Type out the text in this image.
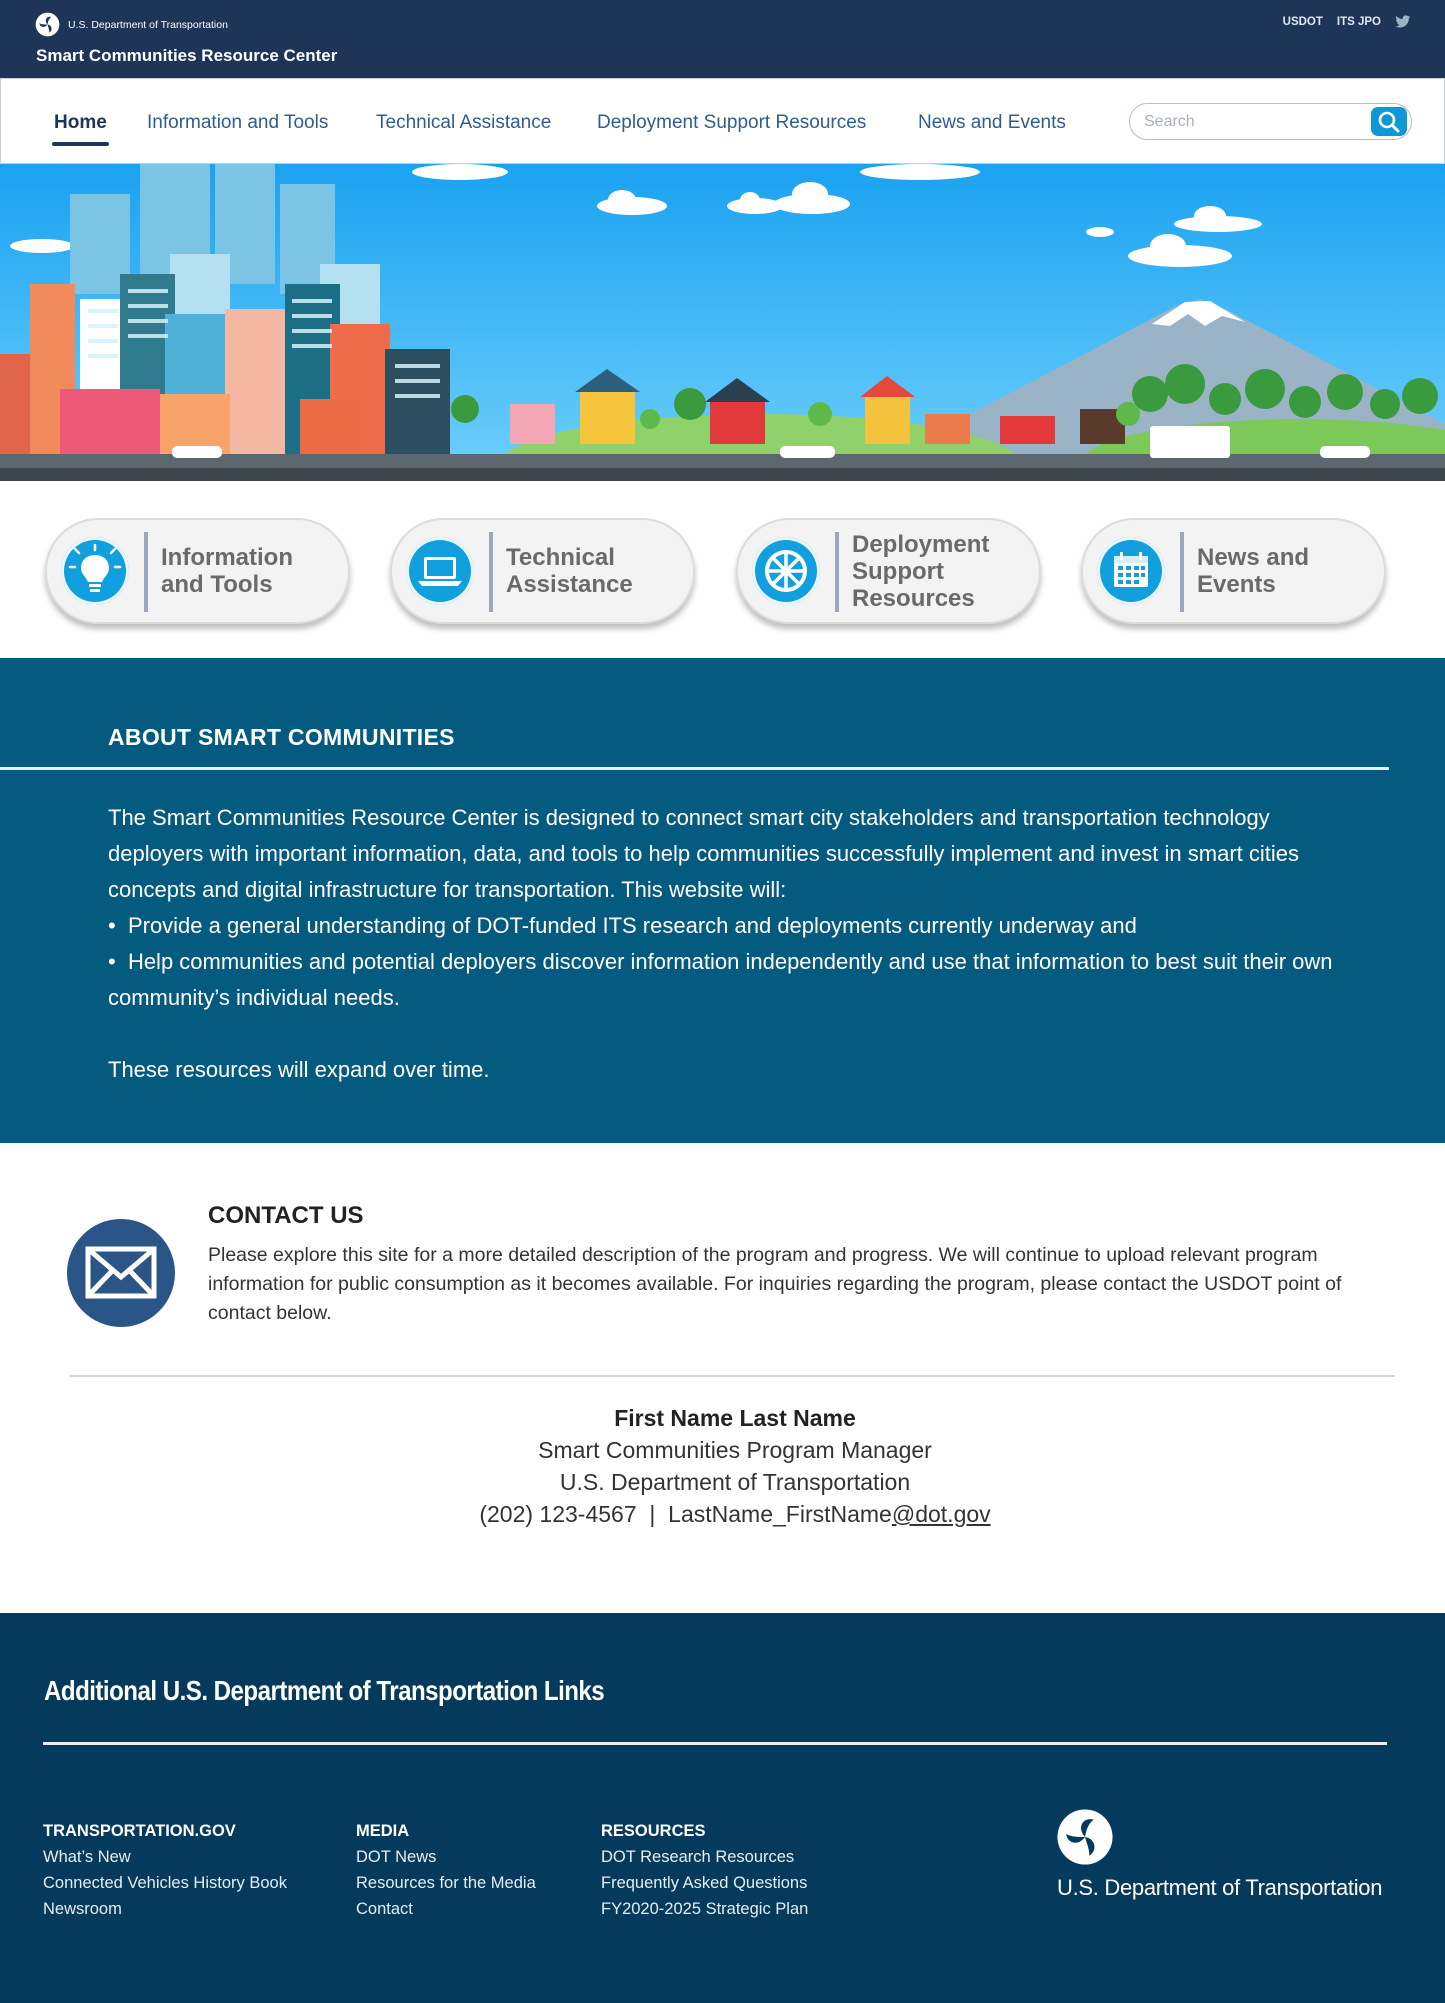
U.S. Department of Transportation
Smart Communities Resource Center
USDOT ITS JPO
Home Information and Tools	Technical Assistance Deployment Support Resources	News and Events
Search
Information
and Tools
Technical
Assistance
Deployment
Support
Resources
News and
Events
ABOUT SMART COMMUNITIES
The Smart Communities Resource Center is designed to connect smart city stakeholders and transportation technology deployers with important information, data, and tools to help communities successfully implement and invest in smart cities concepts and digital infrastructure for transportation. This website will:
•  Provide a general understanding of DOT-funded ITS research and deployments currently underway and
•  Help communities and potential deployers discover information independently and use that information to best suit their own community’s individual needs.
These resources will expand over time.
CONTACT US
Please explore this site for a more detailed description of the program and progress. We will continue to upload relevant program information for public consumption as it becomes available. For inquiries regarding the program, please contact the USDOT point of contact below.
First Name Last Name
Smart Communities Program Manager
U.S. Department of Transportation
(202) 123-4567 | LastName_FirstName@dot.gov
Additional U.S. Department of Transportation Links
TRANSPORTATION.GOV
What’s New
Connected Vehicles History Book
Newsroom
MEDIA
DOT News
Resources for the Media
Contact
RESOURCES
DOT Research Resources
Frequently Asked Questions
FY2020-2025 Strategic Plan
U.S. Department of Transportation
